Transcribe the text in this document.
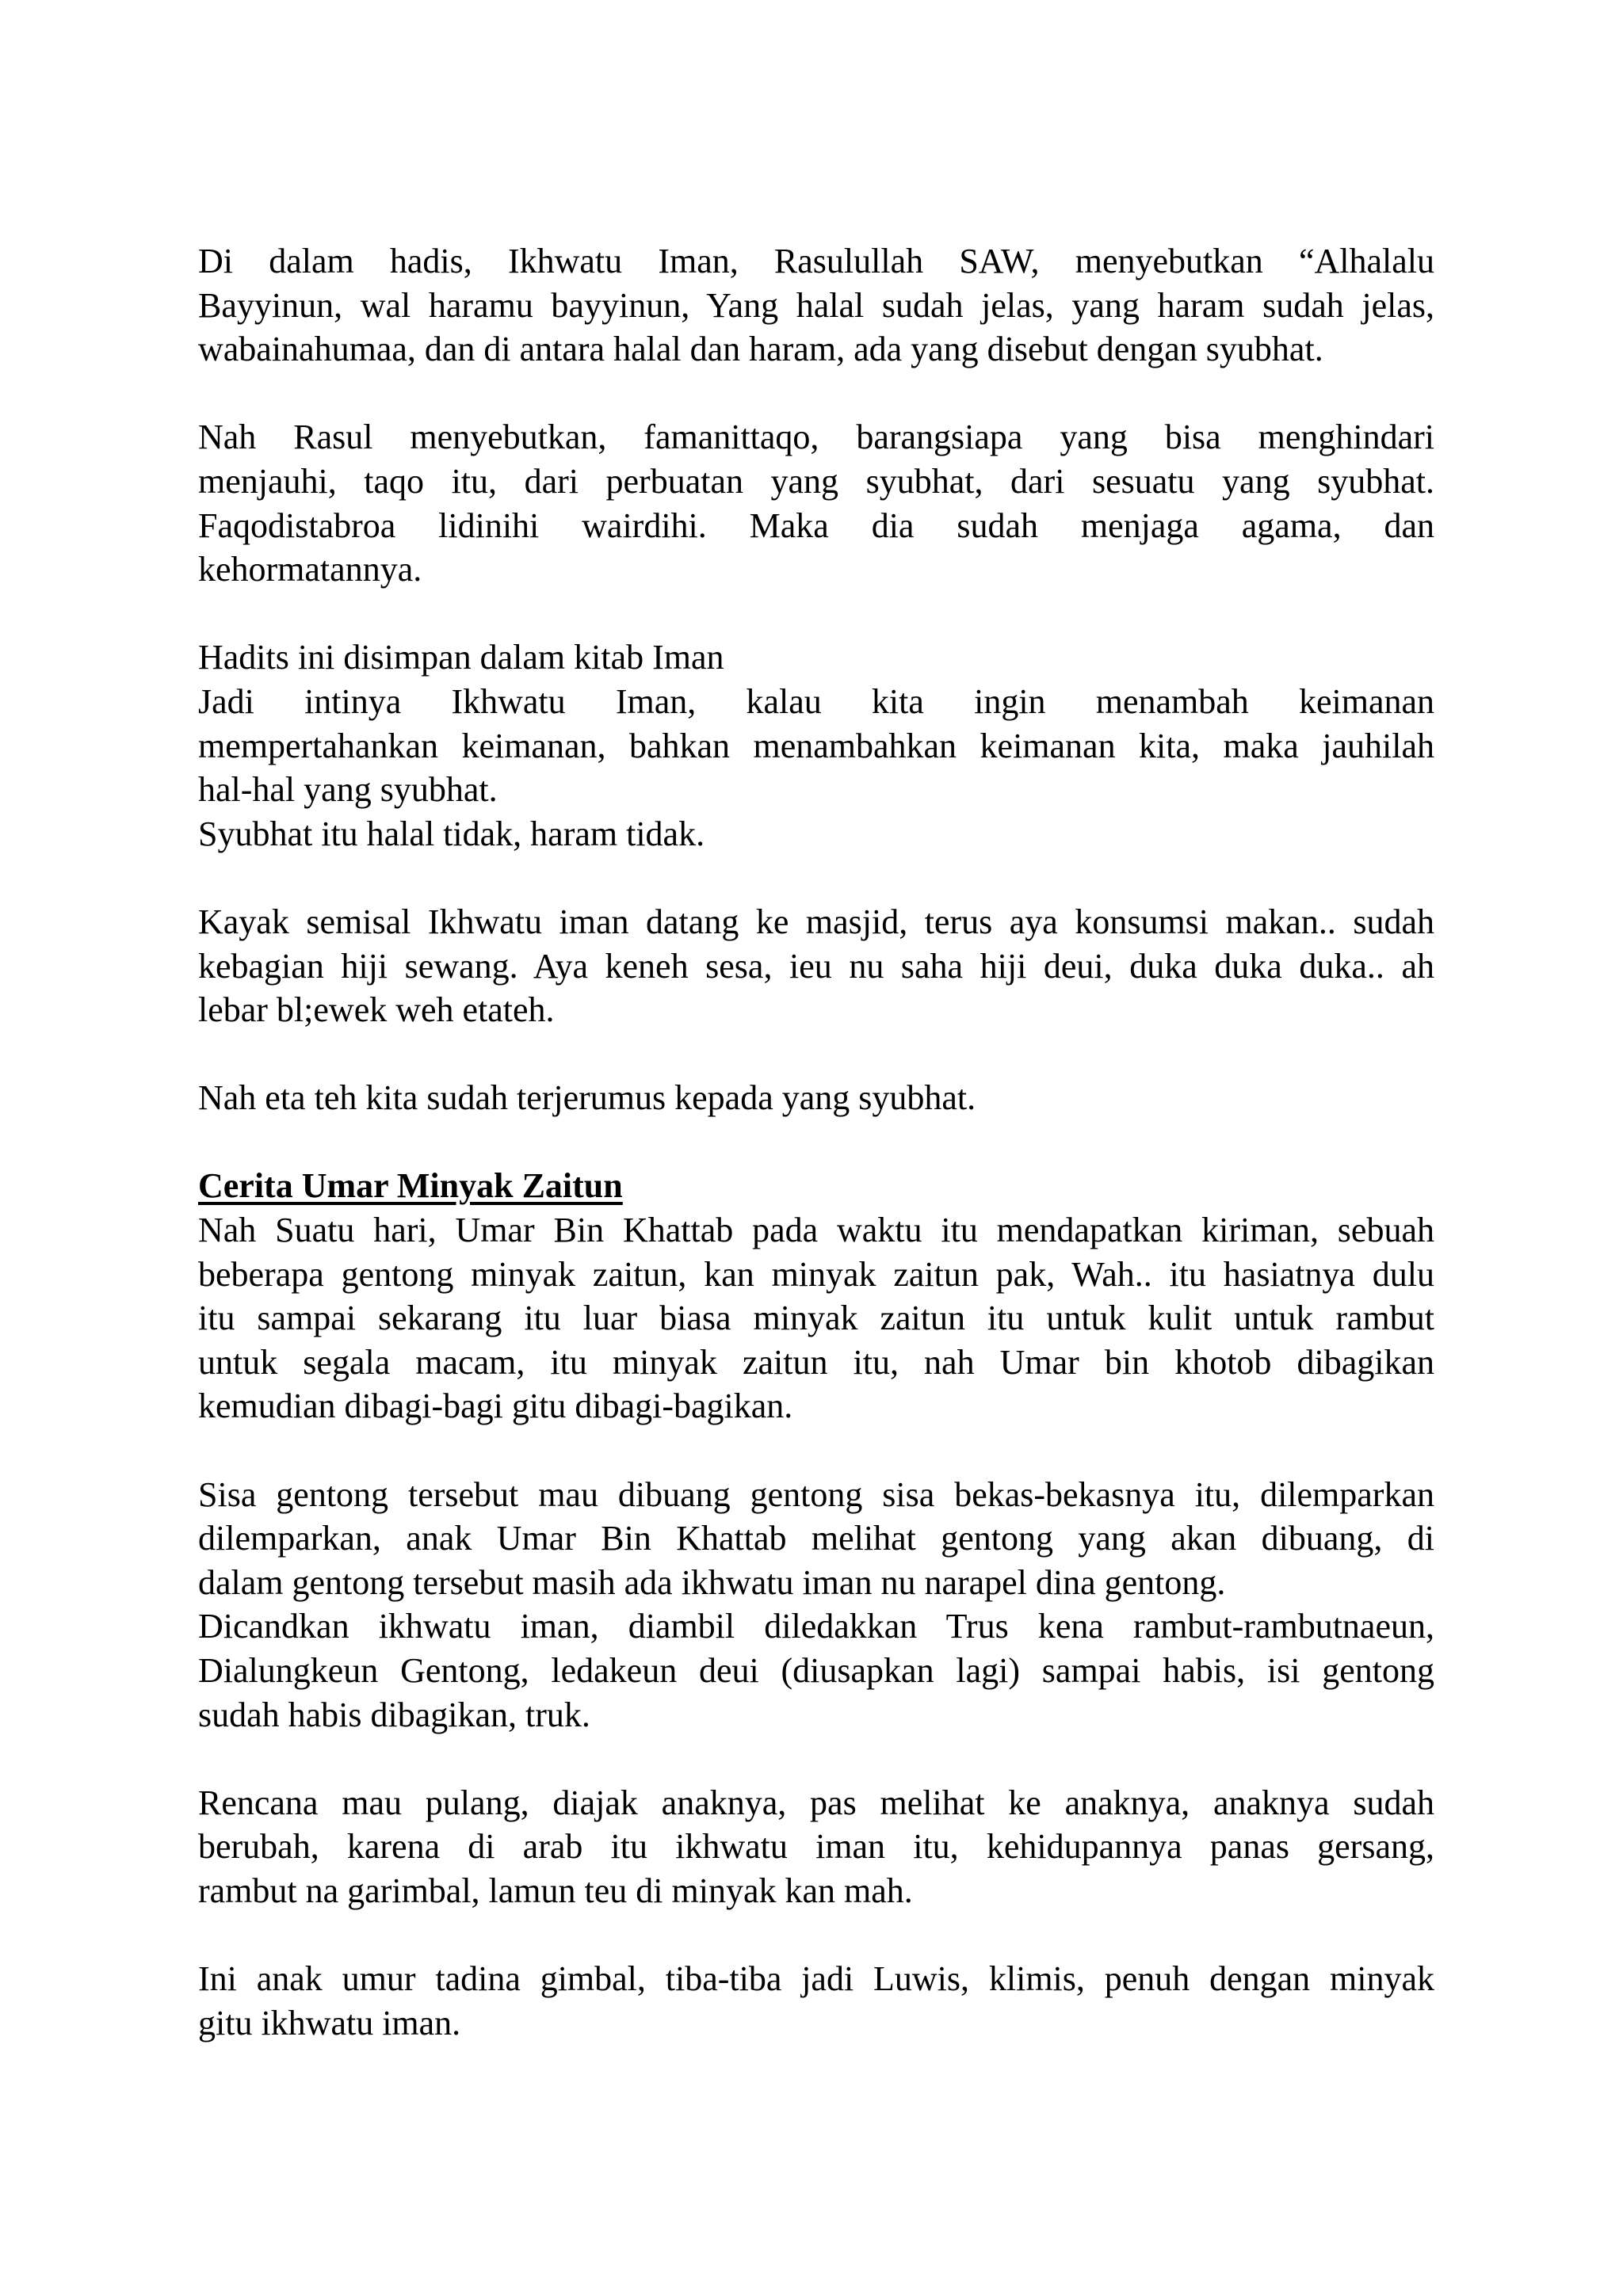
Di dalam hadis, Ikhwatu Iman, Rasulullah SAW, menyebutkan “Alhalalu
Bayyinun, wal haramu bayyinun, Yang halal sudah jelas, yang haram sudah jelas,
wabainahumaa, dan di antara halal dan haram, ada yang disebut dengan syubhat.

Nah Rasul menyebutkan, famanittaqo, barangsiapa yang bisa menghindari
menjauhi, taqo itu, dari perbuatan yang syubhat, dari sesuatu yang syubhat.
Faqodistabroa lidinihi wairdihi. Maka dia sudah menjaga agama, dan
kehormatannya.

Hadits ini disimpan dalam kitab Iman
Jadi intinya Ikhwatu Iman, kalau kita ingin menambah keimanan
mempertahankan keimanan, bahkan menambahkan keimanan kita, maka jauhilah
hal-hal yang syubhat.
Syubhat itu halal tidak, haram tidak.

Kayak semisal Ikhwatu iman datang ke masjid, terus aya konsumsi makan.. sudah
kebagian hiji sewang. Aya keneh sesa, ieu nu saha hiji deui, duka duka duka.. ah
lebar bl;ewek weh etateh.

Nah eta teh kita sudah terjerumus kepada yang syubhat.

Cerita Umar Minyak Zaitun
Nah Suatu hari, Umar Bin Khattab pada waktu itu mendapatkan kiriman, sebuah
beberapa gentong minyak zaitun, kan minyak zaitun pak, Wah.. itu hasiatnya dulu
itu sampai sekarang itu luar biasa minyak zaitun itu untuk kulit untuk rambut
untuk segala macam, itu minyak zaitun itu, nah Umar bin khotob dibagikan
kemudian dibagi-bagi gitu dibagi-bagikan.

Sisa gentong tersebut mau dibuang gentong sisa bekas-bekasnya itu, dilemparkan
dilemparkan, anak Umar Bin Khattab melihat gentong yang akan dibuang, di
dalam gentong tersebut masih ada ikhwatu iman nu narapel dina gentong.
Dicandkan ikhwatu iman, diambil diledakkan Trus kena rambut-rambutnaeun,
Dialungkeun Gentong, ledakeun deui (diusapkan lagi) sampai habis, isi gentong
sudah habis dibagikan, truk.

Rencana mau pulang, diajak anaknya, pas melihat ke anaknya, anaknya sudah
berubah, karena di arab itu ikhwatu iman itu, kehidupannya panas gersang,
rambut na garimbal, lamun teu di minyak kan mah.

Ini anak umur tadina gimbal, tiba-tiba jadi Luwis, klimis, penuh dengan minyak
gitu ikhwatu iman.
